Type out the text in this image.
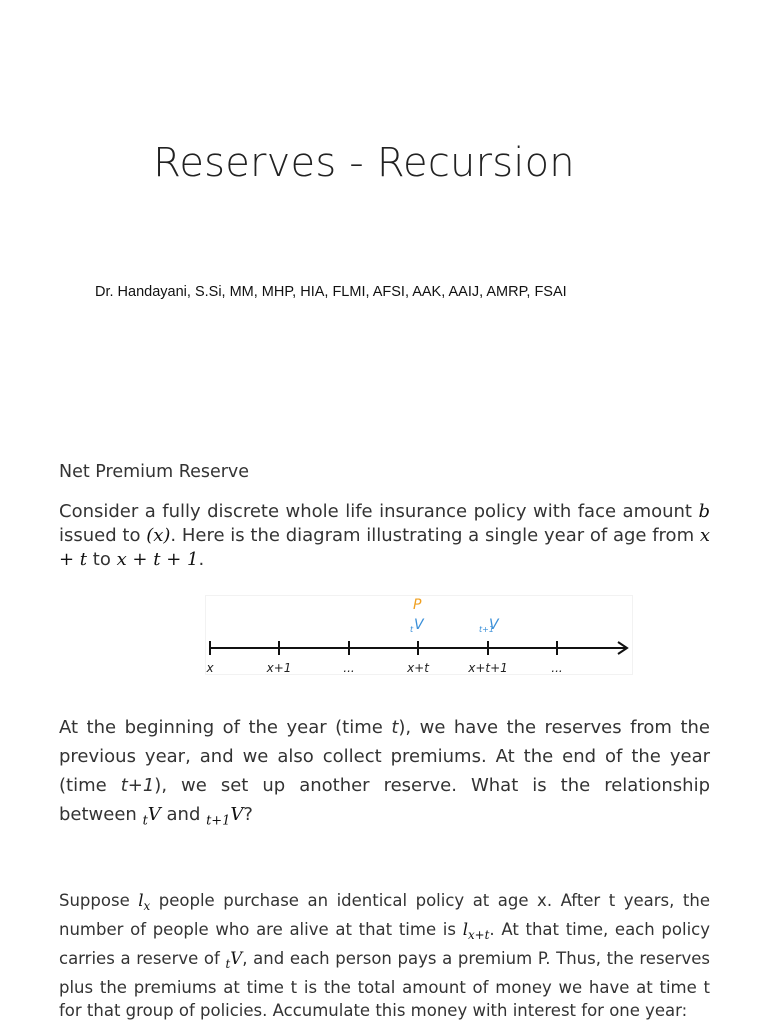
Reserves - Recursion
Dr. Handayani, S.Si, MM, MHP, HIA, FLMI, AFSI, AAK, AAIJ, AMRP, FSAI
Net Premium Reserve
Consider a fully discrete whole life insurance policy with face amount b issued to (x). Here is the diagram illustrating a single year of age from x + t to x + t + 1.
P
t V	t+1
V
x	x+1	...	x+t	x+t+1	...
At the beginning of the year (time t), we have the reserves from the previous year, and we also collect premiums. At the end of the year (time t+1), we set up another reserve. What is the relationship between $_t$V and $_{t+1}$V?
Suppose $l_x$ people purchase an identical policy at age x. After t years, the number of people who are alive at that time is $l_{x+t}$. At that time, each policy carries a reserve of $_t$V, and each person pays a premium P. Thus, the reserves plus the premiums at time t is the total amount of money we have at time t for that group of policies. Accumulate this money with interest for one year:
